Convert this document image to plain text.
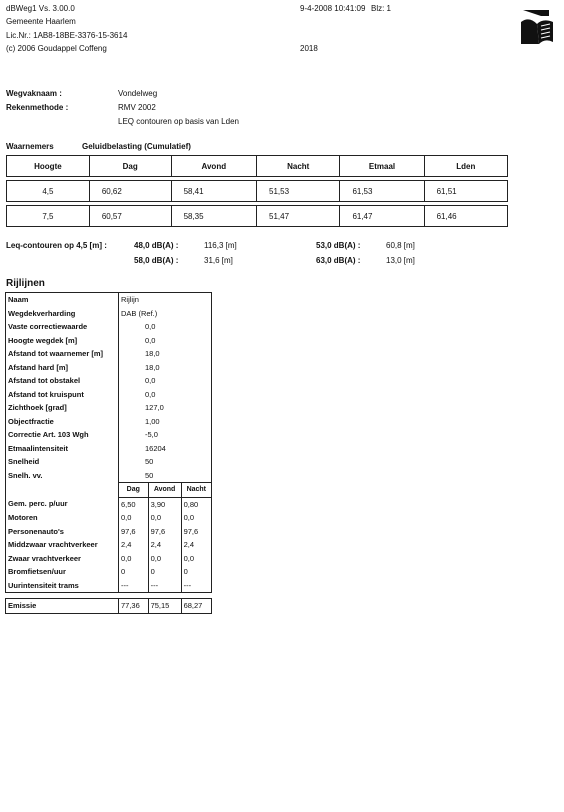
dBWeg1 Vs. 3.00.0
Gemeente Haarlem
Lic.Nr.: 1AB8-18BE-3376-15-3614
(c) 2006 Goudappel Coffeng
9-4-2008 10:41:09 Blz: 1
2018
Wegvaknaam :	Vondelweg
Rekenmethode :	RMV 2002
LEQ contouren op basis van Lden
Waarnemers	Geluidbelasting (Cumulatief)
Hoogte	Dag	Avond	Nacht	Etmaal	Lden

4,5	60,62	58,41	51,53	61,53	61,51

7,5	60,57	58,35	51,47	61,47	61,46
Leq-contouren op 4,5 [m] :	48,0 dB(A) :	116,3 [m]	53,0 dB(A) :	60,8 [m]
58,0 dB(A) :	31,6 [m]	63,0 dB(A) :	13,0 [m]
Rijlijnen
Naam	Rijlijn		
Wegdekverharding	DAB (Ref.)		
Vaste correctiewaarde	0,0		
Hoogte wegdek [m]	0,0		
Afstand tot waarnemer [m]	18,0		
Afstand hard [m]	18,0		
Afstand tot obstakel	0,0		
Afstand tot kruispunt	0,0		
Zichthoek [grad]	127,0		
Objectfractie	1,00		
Correctie Art. 103 Wgh	-5,0		
Etmaalintensiteit	16204		
Snelheid	50		
Snelh. vv.	50		
	Dag	Avond	Nacht
Gem. perc. p/uur	6,50	3,90	0,80
Motoren	0,0	0,0	0,0
Personenauto's	97,6	97,6	97,6
Middzwaar vrachtverkeer	2,4	2,4	2,4
Zwaar vrachtverkeer	0,0	0,0	0,0
Bromfietsen/uur	0	0	0
Uurintensiteit trams	---	---	---

Emissie	77,36	75,15	68,27
